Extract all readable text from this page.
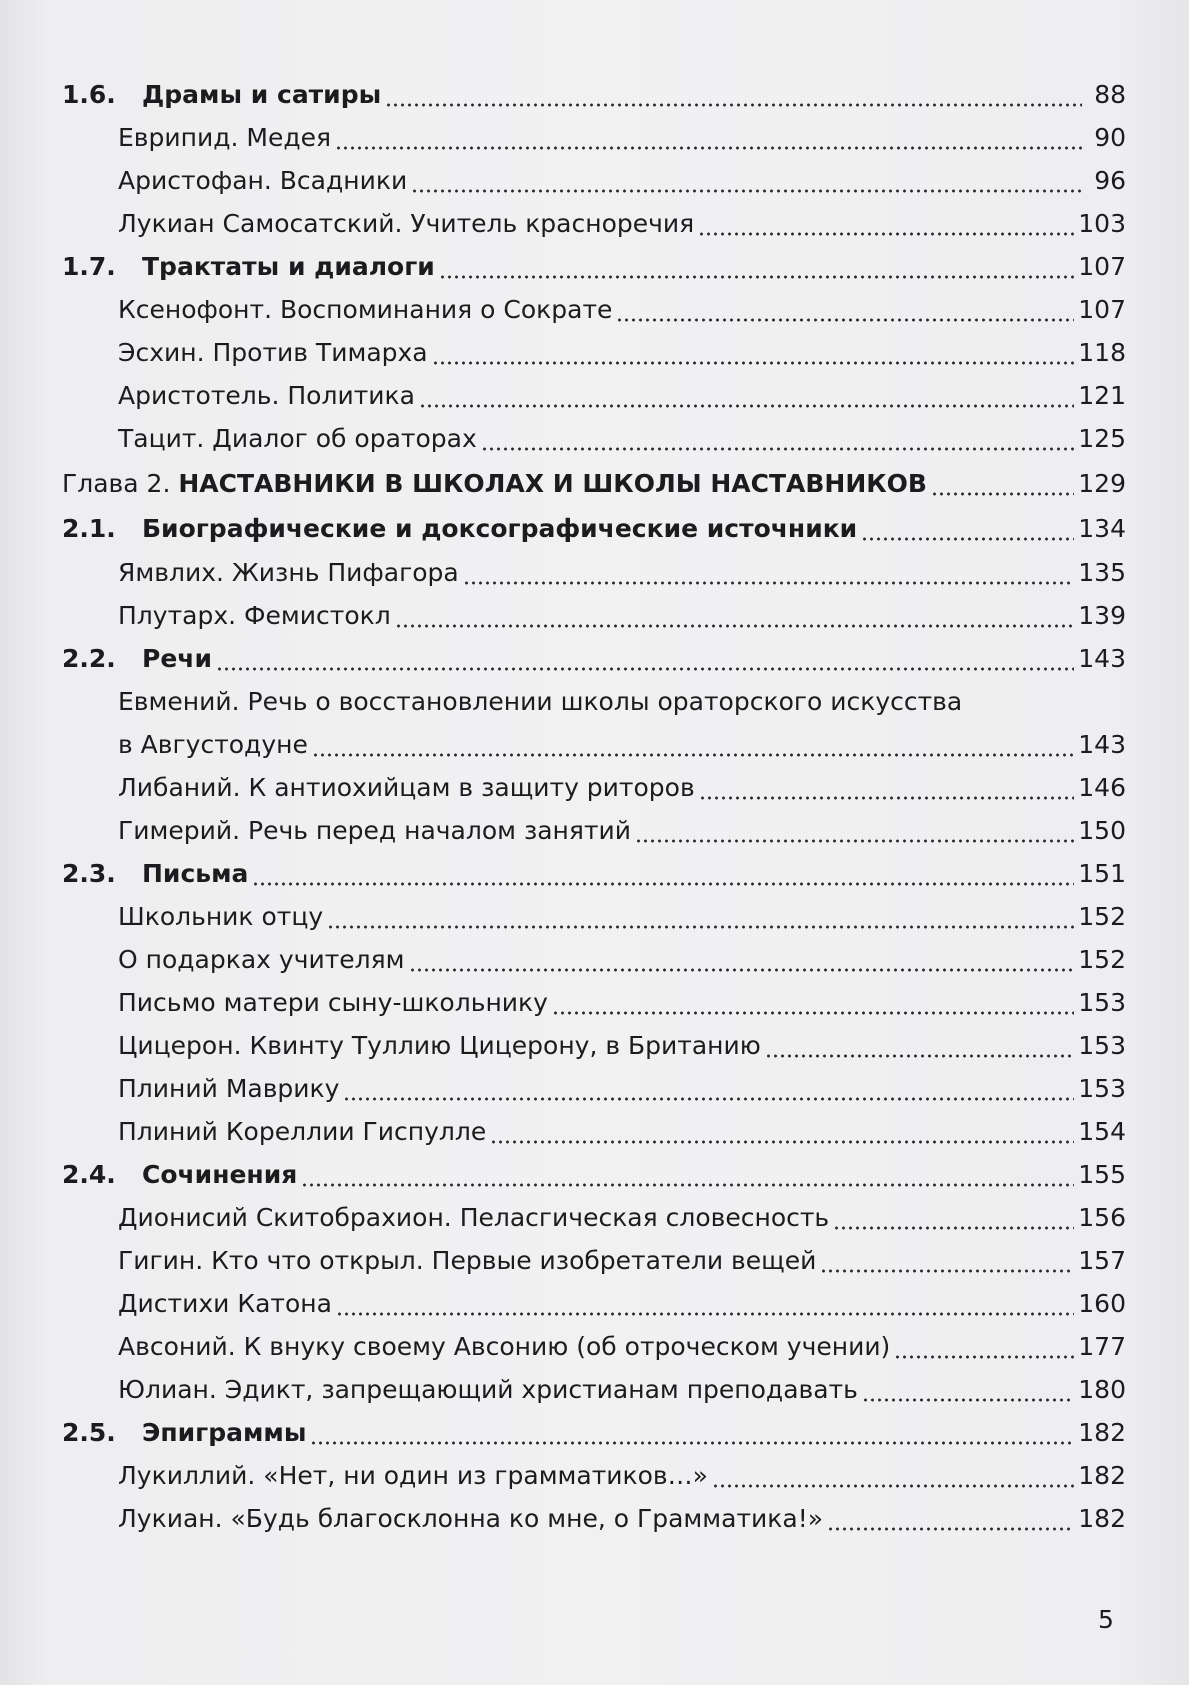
1.6.	Драмы и сатиры	88
Еврипид. Медея	90
Аристофан. Всадники	96
Лукиан Самосатский. Учитель красноречия	103
1.7.	Трактаты и диалоги	107
Ксенофонт. Воспоминания о Сократе	107
Эсхин. Против Тимарха	118
Аристотель. Политика	121
Тацит. Диалог об ораторах	125
Глава 2. НАСТАВНИКИ В ШКОЛАХ И ШКОЛЫ НАСТАВНИКОВ	129
2.1.	Биографические и доксографические источники	134
Ямвлих. Жизнь Пифагора	135
Плутарх. Фемистокл	139
2.2.	Речи	143
Евмений. Речь о восстановлении школы ораторского искусства
в Августодуне	143
Либаний. К антиохийцам в защиту риторов	146
Гимерий. Речь перед началом занятий	150
2.3.	Письма	151
Школьник отцу	152
О подарках учителям	152
Письмо матери сыну-школьнику	153
Цицерон. Квинту Туллию Цицерону, в Британию	153
Плиний Маврику	153
Плиний Кореллии Гиспулле	154
2.4.	Сочинения	155
Дионисий Скитобрахион. Пеласгическая словесность	156
Гигин. Кто что открыл. Первые изобретатели вещей	157
Дистихи Катона	160
Авсоний. К внуку своему Авсонию (об отроческом учении)	177
Юлиан. Эдикт, запрещающий христианам преподавать	180
2.5.	Эпиграммы	182
Лукиллий. «Нет, ни один из грамматиков…»	182
Лукиан. «Будь благосклонна ко мне, о Грамматика!»	182
5
